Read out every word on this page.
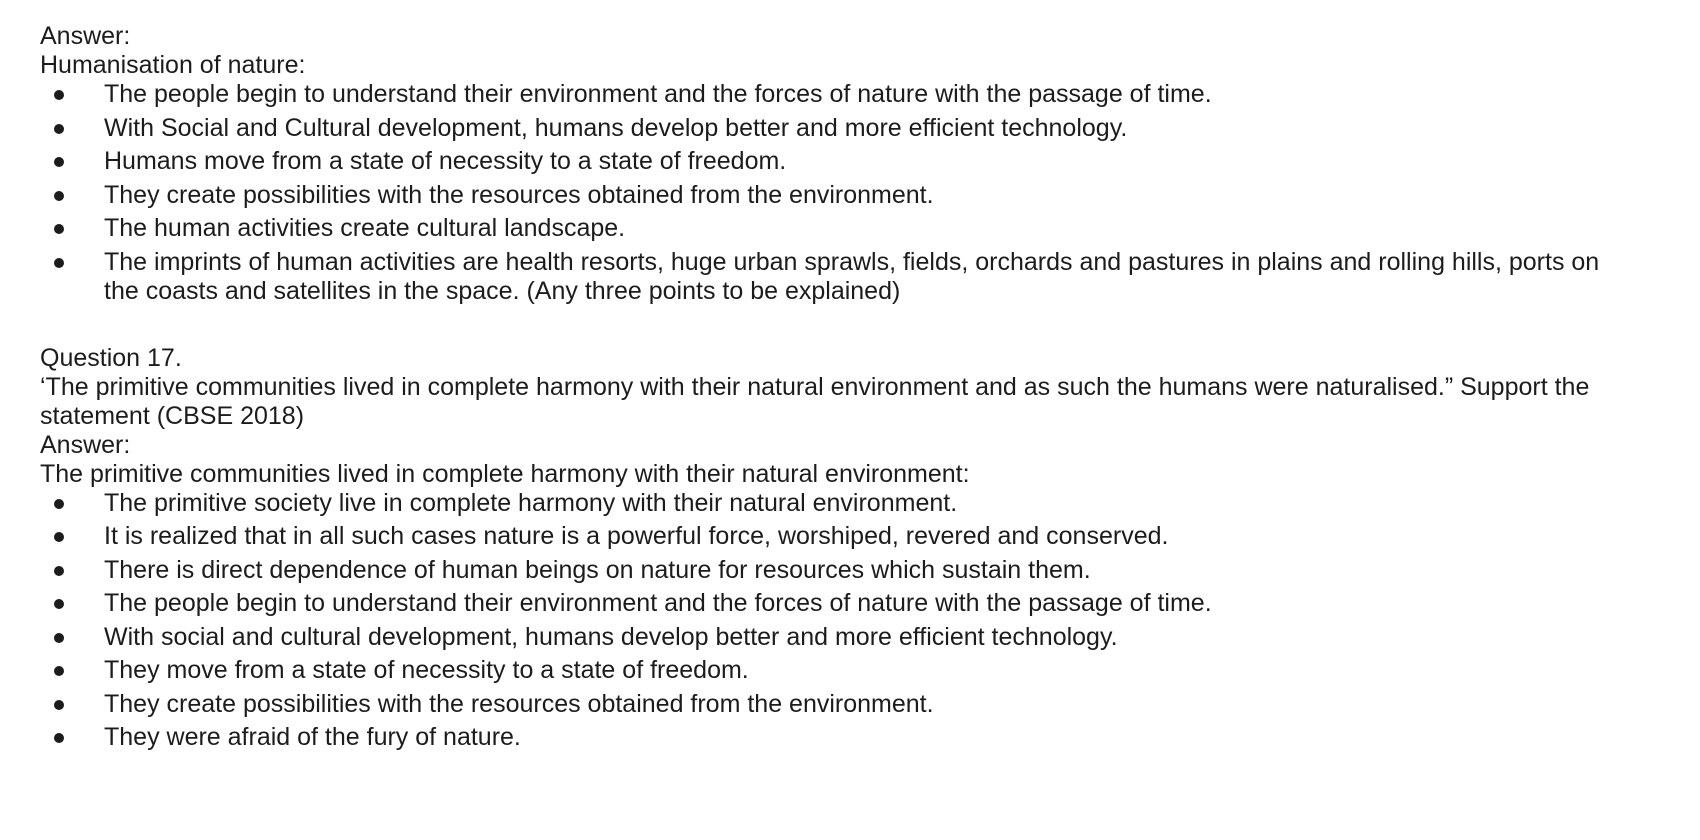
Answer:
Humanisation of nature:
The people begin to understand their environment and the forces of nature with the passage of time.
With Social and Cultural development, humans develop better and more efficient technology.
Humans move from a state of necessity to a state of freedom.
They create possibilities with the resources obtained from the environment.
The human activities create cultural landscape.
The imprints of human activities are health resorts, huge urban sprawls, fields, orchards and pastures in plains and rolling hills, ports on the coasts and satellites in the space. (Any three points to be explained)
Question 17.
‘The primitive communities lived in complete harmony with their natural environment and as such the humans were naturalised.” Support the statement (CBSE 2018)
Answer:
The primitive communities lived in complete harmony with their natural environment:
The primitive society live in complete harmony with their natural environment.
It is realized that in all such cases nature is a powerful force, worshiped, revered and conserved.
There is direct dependence of human beings on nature for resources which sustain them.
The people begin to understand their environment and the forces of nature with the passage of time.
With social and cultural development, humans develop better and more efficient technology.
They move from a state of necessity to a state of freedom.
They create possibilities with the resources obtained from the environment.
They were afraid of the fury of nature.
